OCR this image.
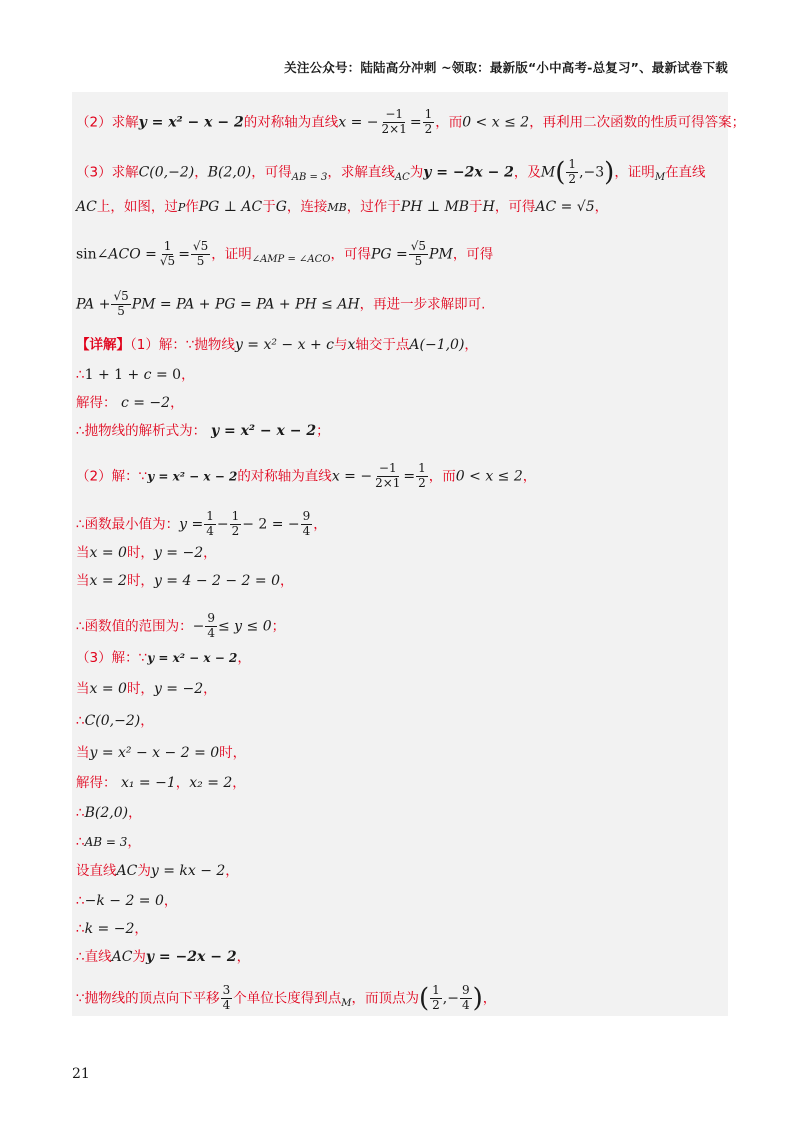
关注公众号：陆陆高分冲刺 ~领取：最新版“小中高考-总复习”、最新试卷下载
（2）求解y = x² − x − 2的对称轴为直线x = − $\frac{-1}{2\times 1} = \frac{1}{2}$ ，而0 < x ≤ 2，再利用二次函数的性质可得答案；
（3）求解C(0,−2)，B(2,0)，可得$_{AB = 3}$，求解直线$_{AC}$为y = −2x − 2，及$M( \frac{1}{2} ,-3)$，证明$_M$在直线
AC上，如图，过P作PG ⊥ AC于G，连接MB，过作于PH ⊥ MB于H，可得AC = √5，
sin∠ACO = $\frac{1}{√5} = \frac{√5}{5}$ ，证明$_{\angle AMP = \angle ACO}$，可得PG = $\frac{√5}{5}$ PM，可得
PA + $\frac{√5}{5}$ PM = PA + PG = PA + PH ≤ AH，再进一步求解即可.
【详解】（1）解：∵抛物线y = x² − x + c与x轴交于点A(−1,0)，
∴1 + 1 + c = 0，
解得： c = −2，
∴抛物线的解析式为： y = x² − x − 2；
（2）解：∵y = x² − x − 2的对称轴为直线x = − $\frac{-1}{2\times 1} = \frac{1}{2}$ ，而0 < x ≤ 2，
∴函数最小值为：$y = \frac{1}{4} - \frac{1}{2} - 2$ = − $\frac{9}{4}$ ，
当x = 0时，y = −2，
当x = 2时，y = 4 − 2 − 2 = 0，
∴函数值的范围为：− $\frac{9}{4} \le y \le 0$；
（3）解：∵y = x² − x − 2，
当x = 0时，y = −2，
∴C(0,−2)，
当y = x² − x − 2 = 0时，
解得： x₁ = −1，x₂ = 2，
∴B(2,0)，
∴AB = 3，
设直线AC为y = kx − 2，
∴−k − 2 = 0，
∴k = −2，
∴直线AC为y = −2x − 2，
∵抛物线的顶点向下平移 $\frac{3}{4}$ 个单位长度得到点$_M$，而顶点为( $\frac{1}{2}$ ,− $\frac{9}{4}$ )，
21
